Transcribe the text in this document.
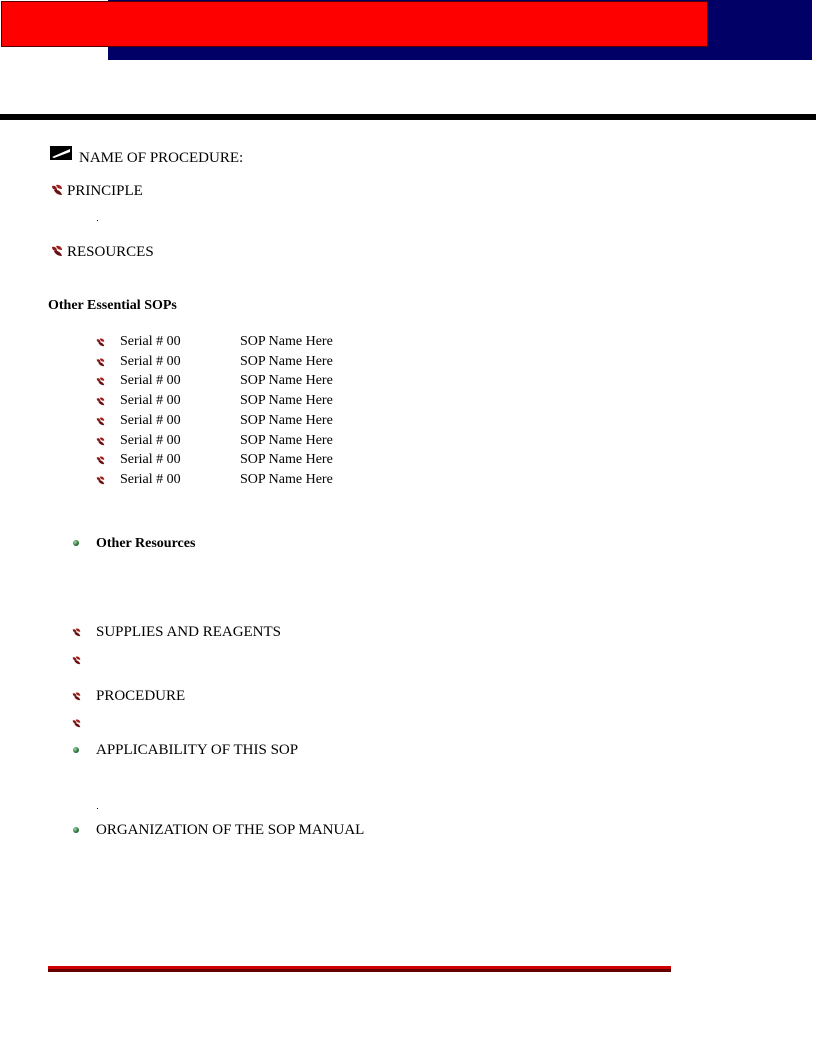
NAME OF PROCEDURE:
PRINCIPLE
RESOURCES
Other Essential SOPs
Serial # 00	SOP Name Here
Serial # 00	SOP Name Here
Serial # 00	SOP Name Here
Serial # 00	SOP Name Here
Serial # 00	SOP Name Here
Serial # 00	SOP Name Here
Serial # 00	SOP Name Here
Serial # 00	SOP Name Here
Other Resources
SUPPLIES AND REAGENTS
PROCEDURE
APPLICABILITY OF THIS SOP
ORGANIZATION OF THE SOP MANUAL
